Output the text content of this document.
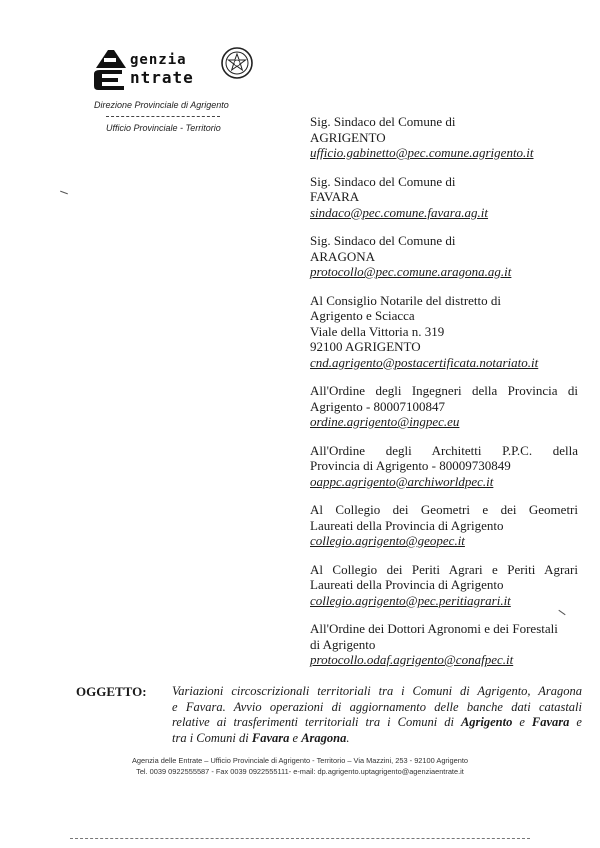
genzia
ntrate
Direzione Provinciale di Agrigento
Ufficio Provinciale - Territorio	Sig. Sindaco del Comune di
AGRIGENTO
ufficio.gabinetto@pec.comune.agrigento.it
Sig. Sindaco del Comune di
FAVARA
sindaco@pec.comune.favara.ag.it
Sig. Sindaco del Comune di
ARAGONA
protocollo@pec.comune.aragona.ag.it
Al Consiglio Notarile del distretto di
Agrigento e Sciacca
Viale della Vittoria n. 319
92100 AGRIGENTO
cnd.agrigento@postacertificata.notariato.it
All'Ordine degli Ingegneri della Provincia di
Agrigento - 80007100847
ordine.agrigento@ingpec.eu
All'Ordine degli Architetti P.P.C. della
Provincia di Agrigento - 80009730849
oappc.agrigento@archiworldpec.it
Al Collegio dei Geometri e dei Geometri
Laureati della Provincia di Agrigento
collegio.agrigento@geopec.it
Al Collegio dei Periti Agrari e Periti Agrari
Laureati della Provincia di Agrigento
collegio.agrigento@pec.peritiagrari.it
All'Ordine dei Dottori Agronomi e dei Forestali
di Agrigento
protocollo.odaf.agrigento@conafpec.it
OGGETTO: Variazioni circoscrizionali territoriali tra i Comuni di Agrigento, Aragona
e Favara. Avvio operazioni di aggiornamento delle banche dati catastali
relative ai trasferimenti territoriali tra i Comuni di Agrigento e Favara e
tra i Comuni di Favara e Aragona.
Agenzia delle Entrate – Ufficio Provinciale di Agrigento - Territorio – Via Mazzini, 253 - 92100 Agrigento
Tel. 0039 0922555587 - Fax 0039 0922555111- e-mail: dp.agrigento.uptagrigento@agenziaentrate.it
